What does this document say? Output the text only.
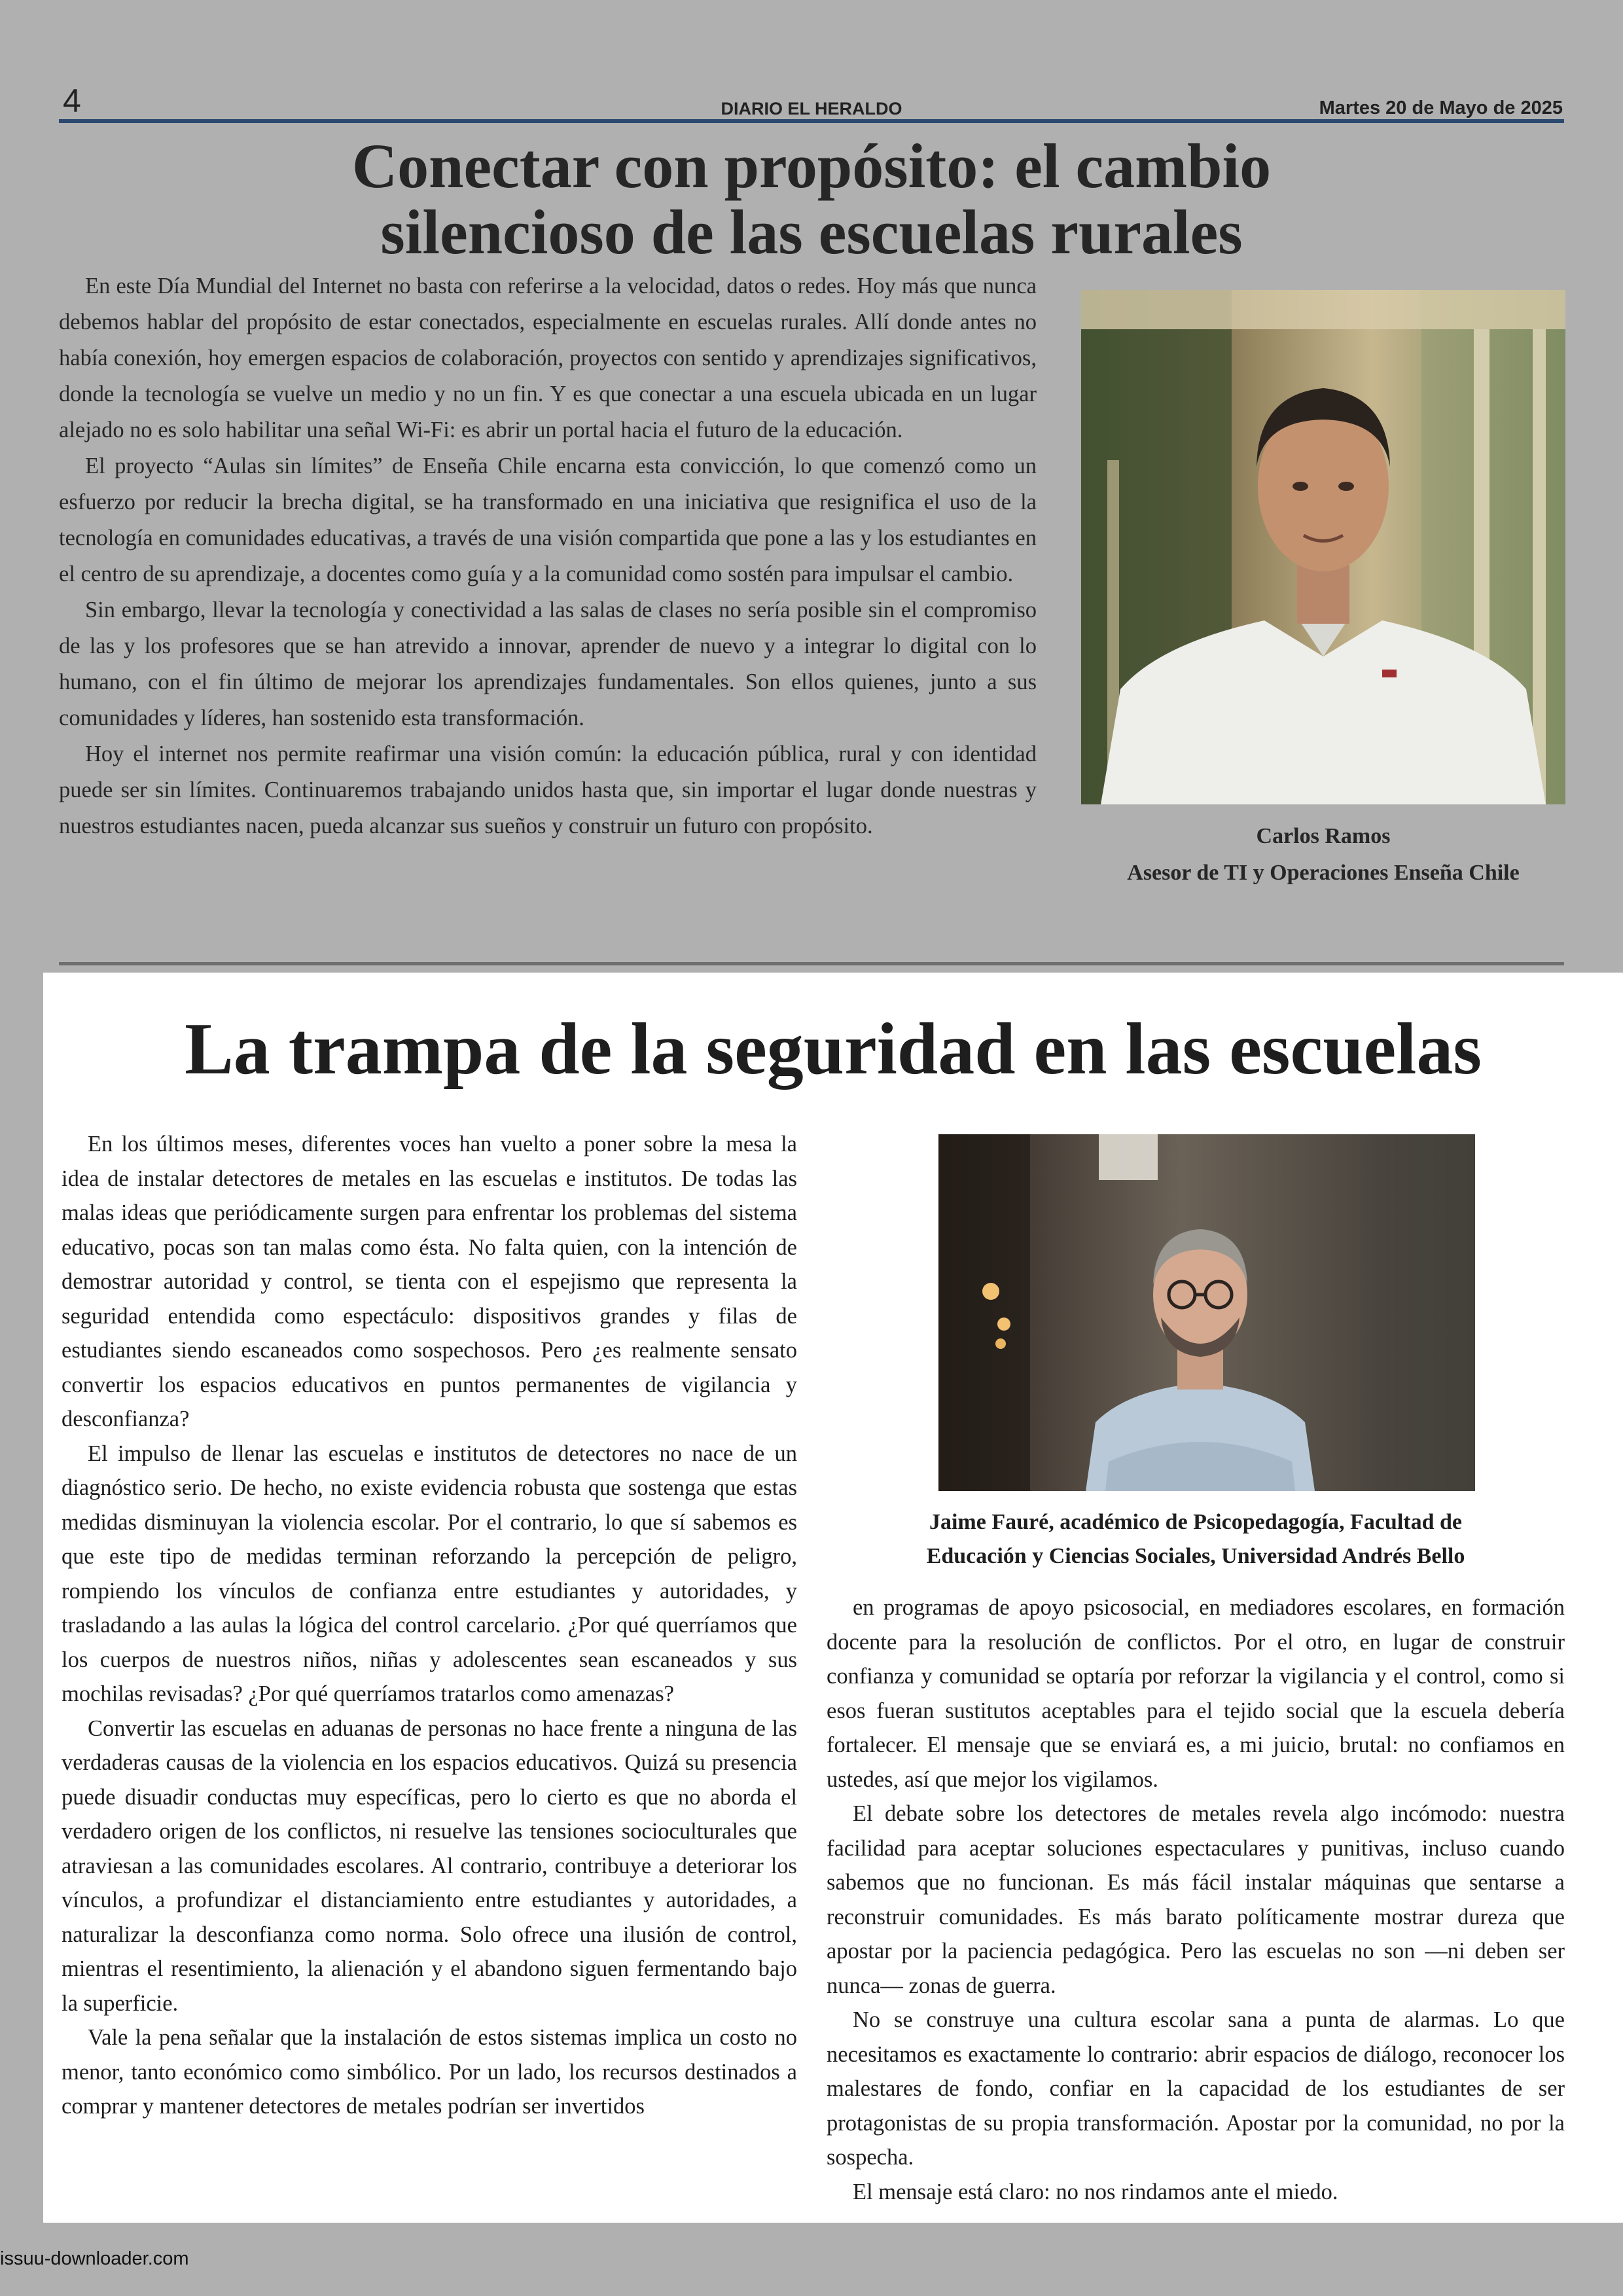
4	DIARIO EL HERALDO	Martes 20 de Mayo de 2025
Conectar con propósito: el cambio
silencioso de las escuelas rurales

En este Día Mundial del Internet no basta con referirse a la velocidad, datos o redes. Hoy más que nunca debemos hablar del propósito de estar conectados, especialmente en escuelas rurales. Allí donde antes no había conexión, hoy emergen espacios de colaboración, proyectos con sentido y aprendizajes significativos, donde la tecnología se vuelve un medio y no un fin. Y es que conectar a una escuela ubicada en un lugar alejado no es solo habilitar una señal Wi-Fi: es abrir un portal hacia el futuro de la educación.

El proyecto “Aulas sin límites” de Enseña Chile encarna esta convicción, lo que comenzó como un esfuerzo por reducir la brecha digital, se ha transformado en una iniciativa que resignifica el uso de la tecnología en comunidades educativas, a través de una visión compartida que pone a las y los estudiantes en el centro de su aprendizaje, a docentes como guía y a la comunidad como sostén para impulsar el cambio.

Sin embargo, llevar la tecnología y conectividad a las salas de clases no sería posible sin el compromiso de las y los profesores que se han atrevido a innovar, aprender de nuevo y a integrar lo digital con lo humano, con el fin último de mejorar los aprendizajes fundamentales. Son ellos quienes, junto a sus comunidades y líderes, han sostenido esta transformación.

Hoy el internet nos permite reafirmar una visión común: la educación pública, rural y con identidad puede ser sin límites. Continuaremos trabajando unidos hasta que, sin importar el lugar donde nuestras y nuestros estudiantes nacen, pueda alcanzar sus sueños y construir un futuro con propósito.	Carlos Ramos
Asesor de TI y Operaciones Enseña Chile
La trampa de la seguridad en las escuelas

En los últimos meses, diferentes voces han vuelto a poner sobre la mesa la idea de instalar detectores de metales en las escuelas e institutos. De todas las malas ideas que periódicamente surgen para enfrentar los problemas del sistema educativo, pocas son tan malas como ésta. No falta quien, con la intención de demostrar autoridad y control, se tienta con el espejismo que representa la seguridad entendida como espectáculo: dispositivos grandes y filas de estudiantes siendo escaneados como sospechosos. Pero ¿es realmente sensato convertir los espacios educativos en puntos permanentes de vigilancia y desconfianza?

El impulso de llenar las escuelas e institutos de detectores no nace de un diagnóstico serio. De hecho, no existe evidencia robusta que sostenga que estas medidas disminuyan la violencia escolar. Por el contrario, lo que sí sabemos es que este tipo de medidas terminan reforzando la percepción de peligro, rompiendo los vínculos de confianza entre estudiantes y autoridades, y trasladando a las aulas la lógica del control carcelario. ¿Por qué querríamos que los cuerpos de nuestros niños, niñas y adolescentes sean escaneados y sus mochilas revisadas? ¿Por qué querríamos tratarlos como amenazas?

Convertir las escuelas en aduanas de personas no hace frente a ninguna de las verdaderas causas de la violencia en los espacios educativos. Quizá su presencia puede disuadir conductas muy específicas, pero lo cierto es que no aborda el verdadero origen de los conflictos, ni resuelve las tensiones socioculturales que atraviesan a las comunidades escolares. Al contrario, contribuye a deteriorar los vínculos, a profundizar el distanciamiento entre estudiantes y autoridades, a naturalizar la desconfianza como norma. Solo ofrece una ilusión de control, mientras el resentimiento, la alienación y el abandono siguen fermentando bajo la superficie.

Vale la pena señalar que la instalación de estos sistemas implica un costo no menor, tanto económico como simbólico. Por un lado, los recursos destinados a comprar y mantener detectores de metales podrían ser invertidos

Jaime Fauré, académico de Psicopedagogía, Facultad de
Educación y Ciencias Sociales, Universidad Andrés Bello

en programas de apoyo psicosocial, en mediadores escolares, en formación docente para la resolución de conflictos. Por el otro, en lugar de construir confianza y comunidad se optaría por reforzar la vigilancia y el control, como si esos fueran sustitutos aceptables para el tejido social que la escuela debería fortalecer. El mensaje que se enviará es, a mi juicio, brutal: no confiamos en ustedes, así que mejor los vigilamos.

El debate sobre los detectores de metales revela algo incómodo: nuestra facilidad para aceptar soluciones espectaculares y punitivas, incluso cuando sabemos que no funcionan. Es más fácil instalar máquinas que sentarse a reconstruir comunidades. Es más barato políticamente mostrar dureza que apostar por la paciencia pedagógica. Pero las escuelas no son —ni deben ser nunca— zonas de guerra.

No se construye una cultura escolar sana a punta de alarmas. Lo que necesitamos es exactamente lo contrario: abrir espacios de diálogo, reconocer los malestares de fondo, confiar en la capacidad de los estudiantes de ser protagonistas de su propia transformación. Apostar por la comunidad, no por la sospecha.

El mensaje está claro: no nos rindamos ante el miedo.

issuu-downloader.com
